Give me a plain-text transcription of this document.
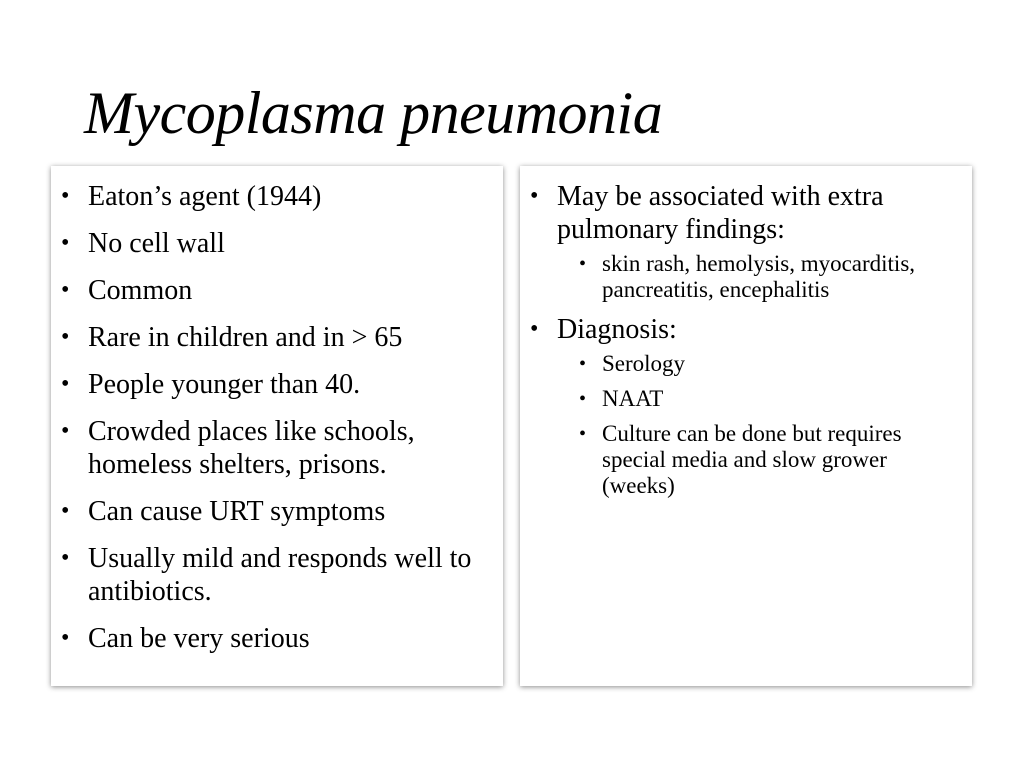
Mycoplasma pneumonia
• Eaton’s agent (1944)
• No cell wall
• Common
• Rare in children and in > 65
• People younger than 40.
• Crowded places like schools, homeless shelters, prisons.
• Can cause URT symptoms
• Usually mild and responds well to antibiotics.
• Can be very serious
• May be associated with extra pulmonary findings:
• skin rash, hemolysis, myocarditis, pancreatitis, encephalitis
• Diagnosis:
• Serology
• NAAT
• Culture can be done but requires special media and slow grower (weeks)
